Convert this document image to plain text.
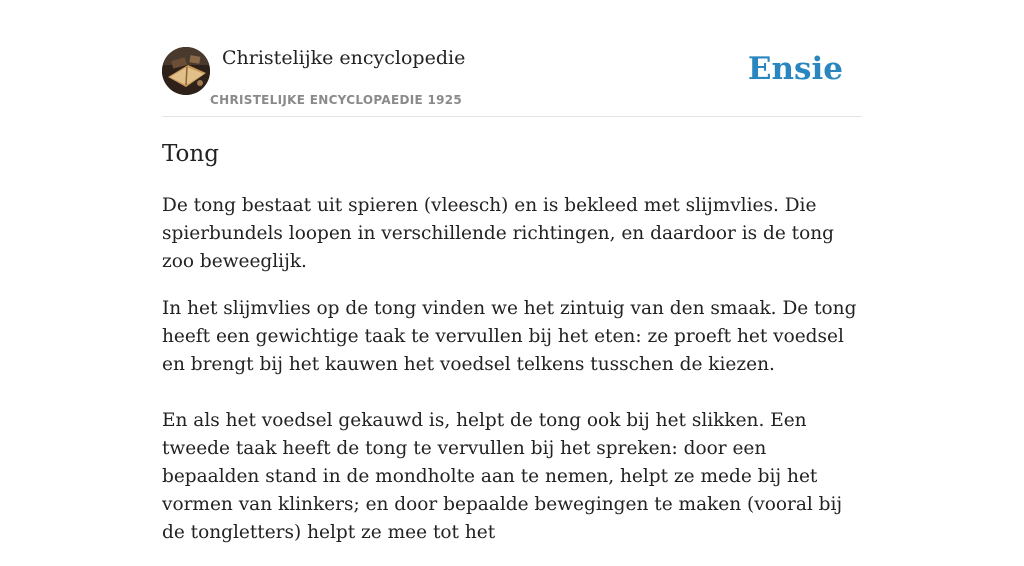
Christelijke encyclopedie
CHRISTELIJKE ENCYCLOPAEDIE 1925
Ensie
Tong

De tong bestaat uit spieren (vleesch) en is bekleed met slijmvlies. Die spierbundels loopen in verschillende richtingen, en daardoor is de tong zoo beweeglijk.

In het slijmvlies op de tong vinden we het zintuig van den smaak. De tong heeft een gewichtige taak te vervullen bij het eten: ze proeft het voedsel en brengt bij het kauwen het voedsel telkens tusschen de kiezen.

En als het voedsel gekauwd is, helpt de tong ook bij het slikken. Een tweede taak heeft de tong te vervullen bij het spreken: door een bepaalden stand in de mondholte aan te nemen, helpt ze mede bij het vormen van klinkers; en door bepaalde bewegingen te maken (vooral bij de tongletters) helpt ze mee tot het
